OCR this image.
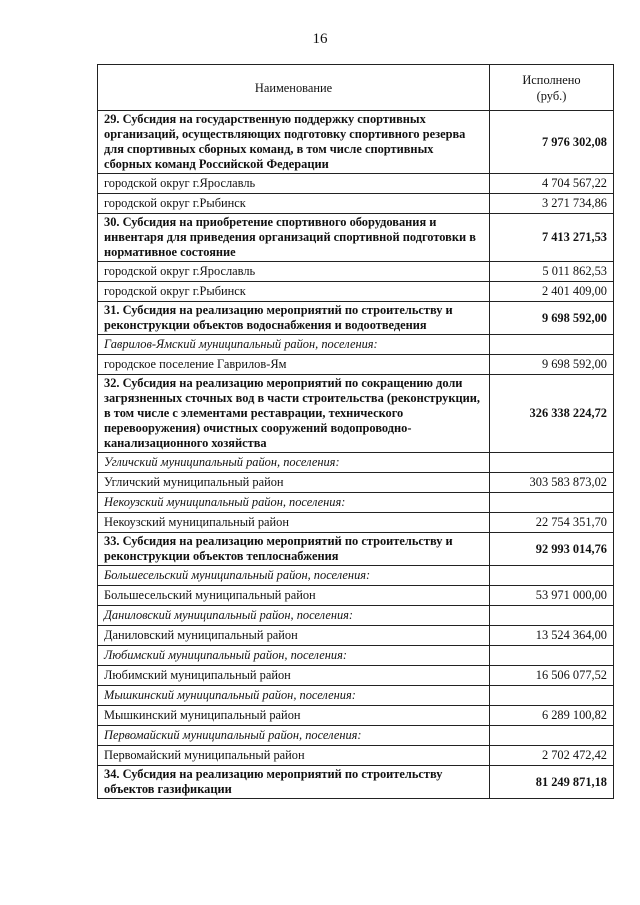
16
Наименование	Исполнено
(руб.)

29. Субсидия на государственную поддержку спортивных организаций, осуществляющих подготовку спортивного резерва для спортивных сборных команд, в том числе спортивных сборных команд Российской Федерации	7 976 302,08
городской округ г.Ярославль	4 704 567,22
городской округ г.Рыбинск	3 271 734,86
30. Субсидия на приобретение спортивного оборудования и инвентаря для приведения организаций спортивной подготовки в нормативное состояние	7 413 271,53
городской округ г.Ярославль	5 011 862,53
городской округ г.Рыбинск	2 401 409,00
31. Субсидия на реализацию мероприятий по строительству и реконструкции объектов водоснабжения и водоотведения	9 698 592,00
Гаврилов-Ямский муниципальный район, поселения:	
городское поселение Гаврилов-Ям	9 698 592,00
32. Субсидия на реализацию мероприятий по сокращению доли загрязненных сточных вод в части строительства (реконструкции, в том числе с элементами реставрации, технического перевооружения) очистных сооружений водопроводно-канализационного хозяйства	326 338 224,72
Угличский муниципальный район, поселения:	
Угличский муниципальный район	303 583 873,02
Некоузский муниципальный район, поселения:	
Некоузский муниципальный район	22 754 351,70
33. Субсидия на реализацию мероприятий по строительству и реконструкции объектов теплоснабжения	92 993 014,76
Большесельский муниципальный район, поселения:	
Большесельский муниципальный район	53 971 000,00
Даниловский муниципальный район, поселения:	
Даниловский муниципальный район	13 524 364,00
Любимский муниципальный район, поселения:	
Любимский муниципальный район	16 506 077,52
Мышкинский муниципальный район, поселения:	
Мышкинский муниципальный район	6 289 100,82
Первомайский муниципальный район, поселения:	
Первомайский муниципальный район	2 702 472,42
34. Субсидия на реализацию мероприятий по строительству объектов газификации	81 249 871,18
